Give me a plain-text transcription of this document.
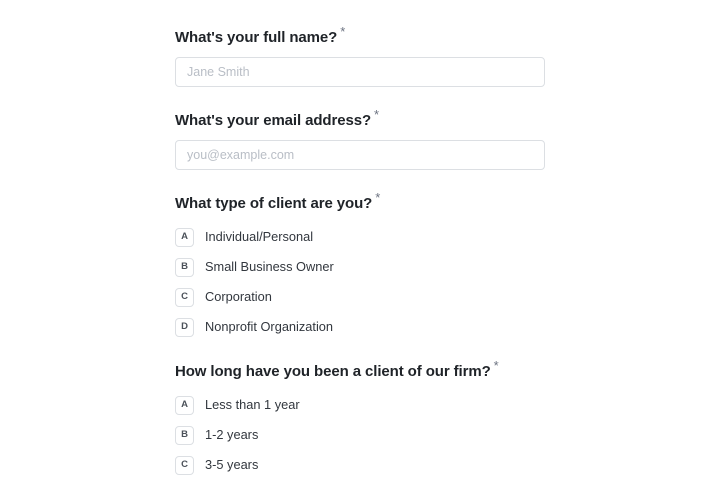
What's your full name? *
Jane Smith
What's your email address? *
you@example.com
What type of client are you? *
A	Individual/Personal
B	Small Business Owner
C	Corporation
D	Nonprofit Organization
How long have you been a client of our firm? *
A	Less than 1 year
B	1-2 years
C	3-5 years
